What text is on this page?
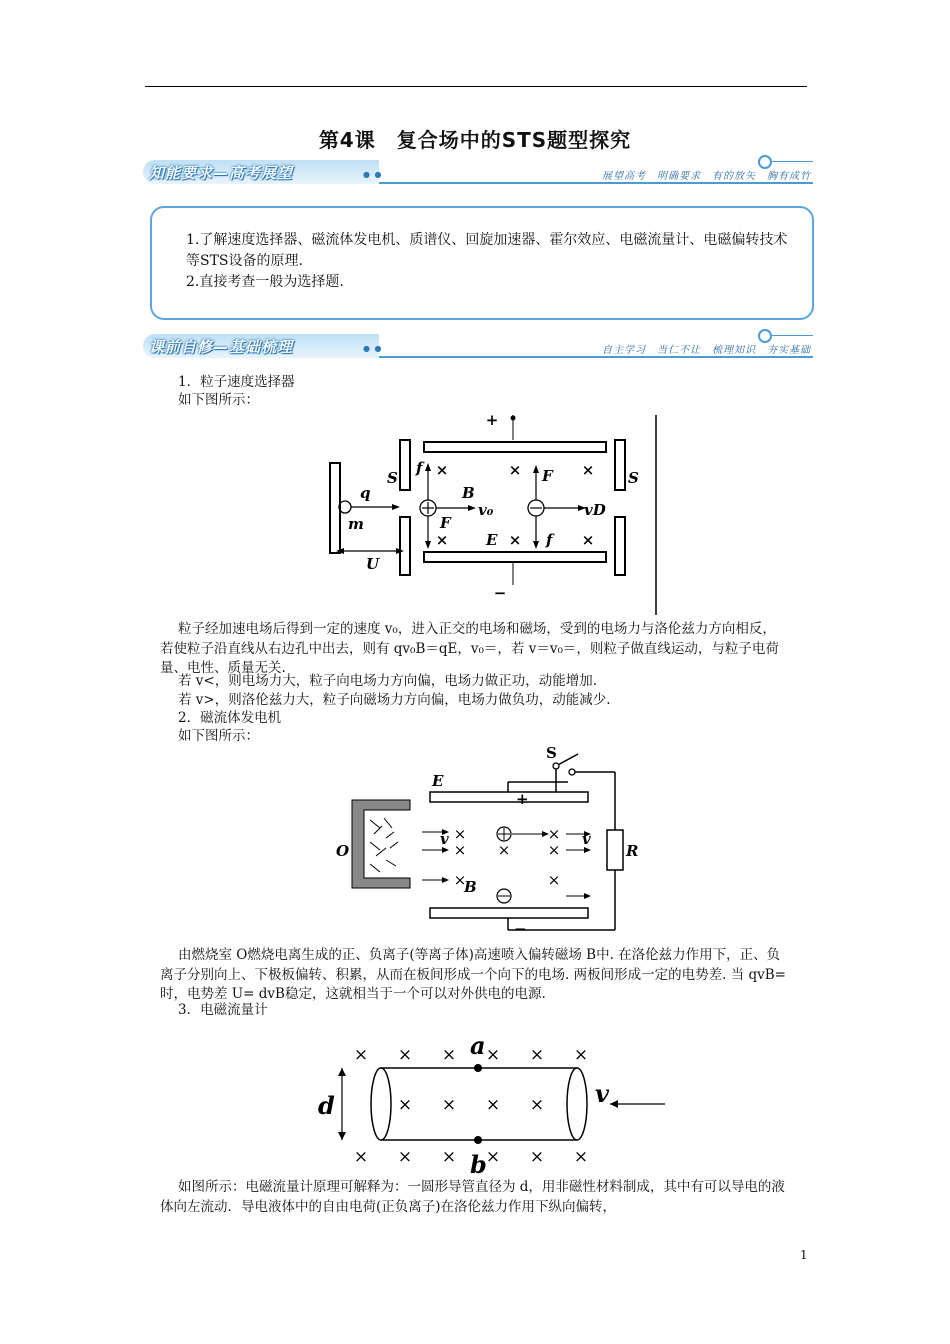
第4课　复合场中的STS题型探究
知能要求—高考展望	● ●	展望高考　明确要求　有的放矢　胸有成竹

1.了解速度选择器、磁流体发电机、质谱仪、回旋加速器、霍尔效应、电磁流量计、电磁偏转技术等STS设备的原理.

2.直接考查一般为选择题.

课前自修—基础梳理	● ●	自主学习　当仁不让　梳理知识　夯实基础
1．粒子速度选择器
如下图所示：
×	×	×
×	×	×
+
−
S	S
q
m
U
f
F
B
v₀
F
f
E
vD
粒子经加速电场后得到一定的速度 v₀，进入正交的电场和磁场，受到的电场力与洛伦兹力方向相反，若使粒子沿直线从右边孔中出去，则有 qv₀B＝qE，v₀＝，若 v＝v₀＝，则粒子做直线运动，与粒子电荷量、电性、质量无关.
若 v<，则电场力大，粒子向电场力方向偏，电场力做正功，动能增加.
若 v>，则洛伦兹力大，粒子向磁场力方向偏，电场力做负功，动能减少.
2．磁流体发电机
如下图所示：
×	×
× × ×
×	×
S
E
+
−
O
v	v
B
R
由燃烧室 O燃烧电离生成的正、负离子(等离子体)高速喷入偏转磁场 B中. 在洛伦兹力作用下，正、负离子分别向上、下极板偏转、积累，从而在板间形成一个向下的电场. 两板间形成一定的电势差. 当 qvB=时，电势差 U= dvB稳定，这就相当于一个可以对外供电的电源.
3．电磁流量计
× × × × × ×
× × × ×
× × × × × ×
a
b
d	v
如图所示：电磁流量计原理可解释为：一圆形导管直径为 d，用非磁性材料制成，其中有可以导电的液体向左流动．导电液体中的自由电荷(正负离子)在洛伦兹力作用下纵向偏转，
1
